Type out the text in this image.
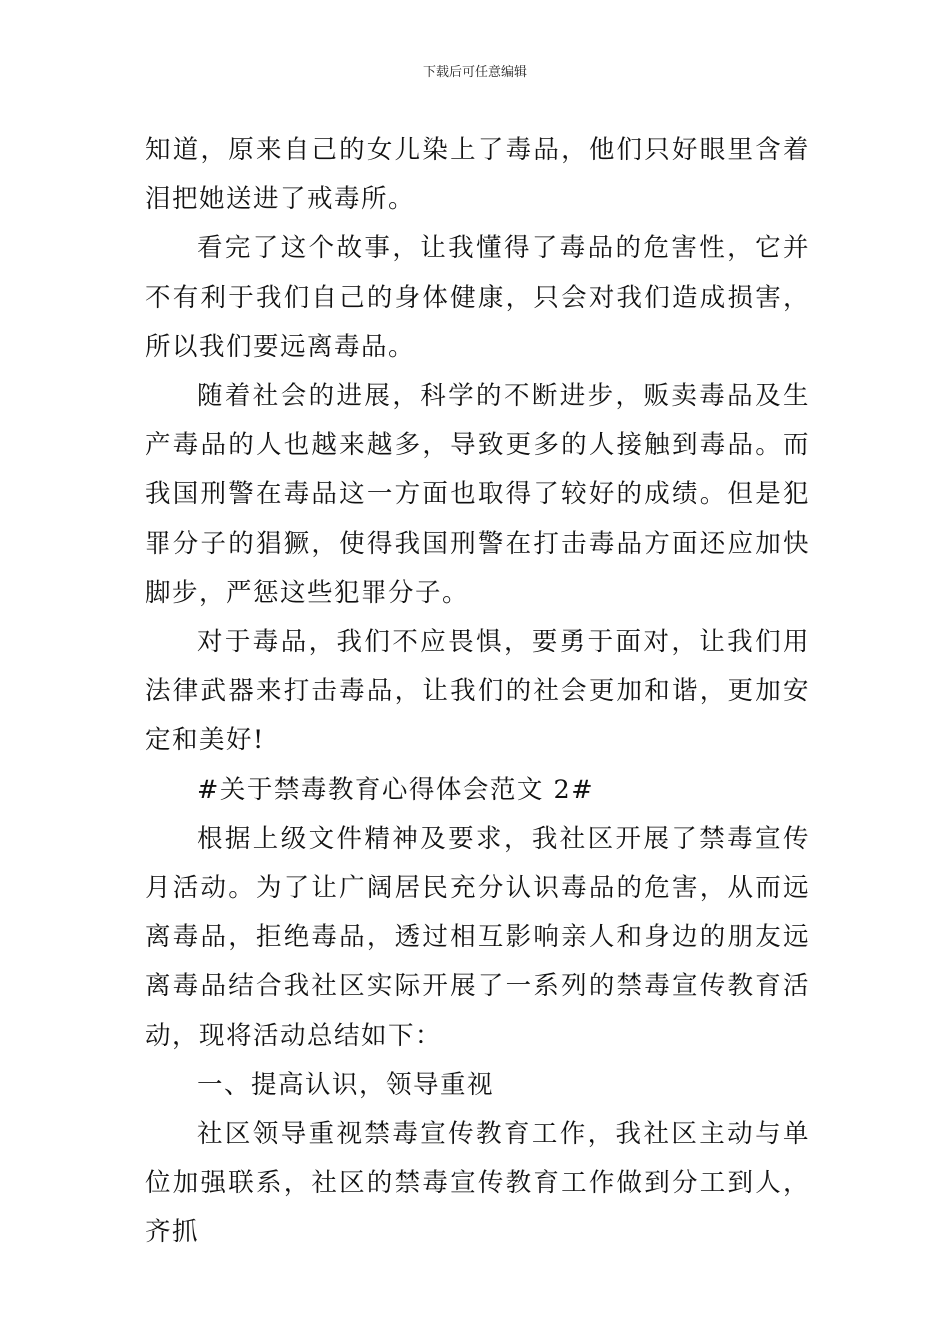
下载后可任意编辑

知道，原来自己的女儿染上了毒品，他们只好眼里含着泪把她送进了戒毒所。

看完了这个故事，让我懂得了毒品的危害性，它并不有利于我们自己的身体健康，只会对我们造成损害，所以我们要远离毒品。

随着社会的进展，科学的不断进步，贩卖毒品及生产毒品的人也越来越多，导致更多的人接触到毒品。而我国刑警在毒品这一方面也取得了较好的成绩。但是犯罪分子的猖獗，使得我国刑警在打击毒品方面还应加快脚步，严惩这些犯罪分子。

对于毒品，我们不应畏惧，要勇于面对，让我们用法律武器来打击毒品，让我们的社会更加和谐，更加安定和美好!

#关于禁毒教育心得体会范文 2#

根据上级文件精神及要求，我社区开展了禁毒宣传月活动。为了让广阔居民充分认识毒品的危害，从而远离毒品，拒绝毒品，透过相互影响亲人和身边的朋友远离毒品结合我社区实际开展了一系列的禁毒宣传教育活动，现将活动总结如下：

一、提高认识，领导重视

社区领导重视禁毒宣传教育工作，我社区主动与单位加强联系，社区的禁毒宣传教育工作做到分工到人，齐抓
